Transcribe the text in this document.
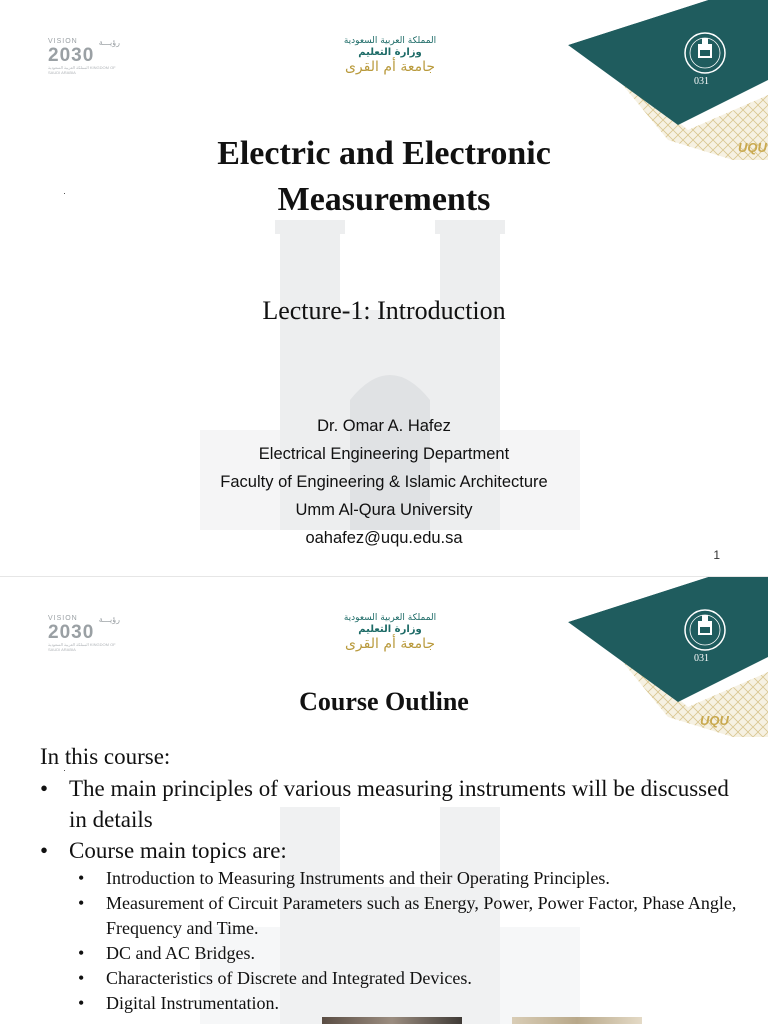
VISION	رؤيـــة
2030
المملكة العربية السعودية KINGDOM OF SAUDI ARABIA
المملكة العربية السعودية
وزارة التعليم
جامعة أم القرى
031
UQU
Electric and Electronic
Measurements
Lecture-1: Introduction
Dr. Omar A. Hafez
Electrical Engineering Department
Faculty of Engineering & Islamic Architecture
Umm Al-Qura University
oahafez@uqu.edu.sa
1
VISION	رؤيـــة
2030
المملكة العربية السعودية KINGDOM OF SAUDI ARABIA
المملكة العربية السعودية
وزارة التعليم
جامعة أم القرى
031
UQU
Course Outline
In this course:
• The main principles of various measuring instruments will be discussed in details
• Course main topics are:
• Introduction to Measuring Instruments and their Operating Principles.
• Measurement of Circuit Parameters such as Energy, Power, Power Factor, Phase Angle, Frequency and Time.
• DC and AC Bridges.
• Characteristics of Discrete and Integrated Devices.
• Digital Instrumentation.
